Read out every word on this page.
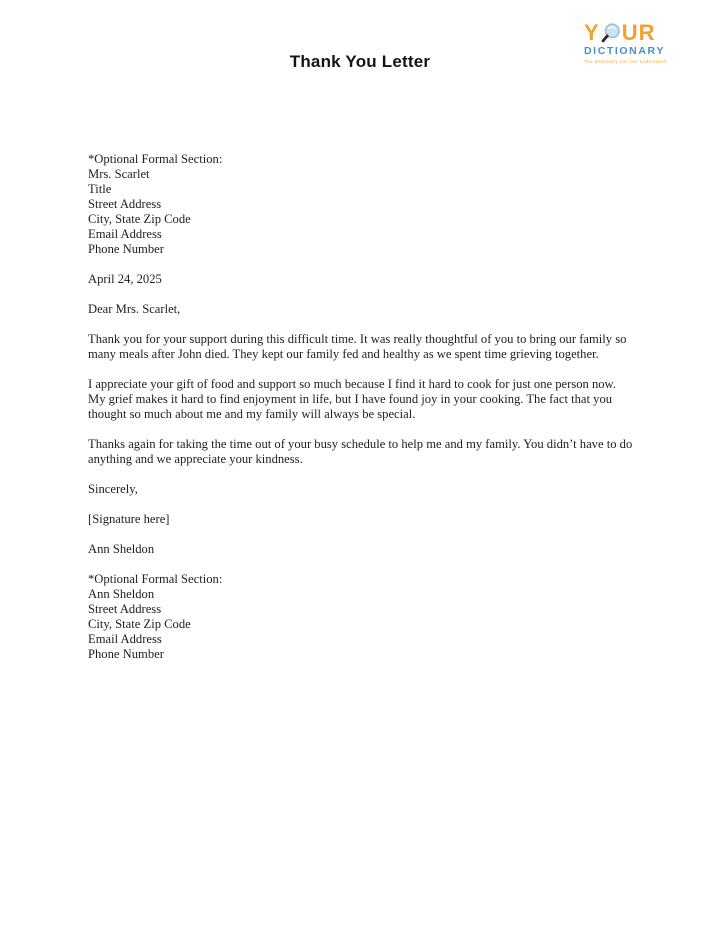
Thank You Letter
Y UR
DICTIONARY
The dictionary you can understand

*Optional Formal Section:
Mrs. Scarlet
Title
Street Address
City, State Zip Code
Email Address
Phone Number

April 24, 2025

Dear Mrs. Scarlet,

Thank you for your support during this difficult time. It was really thoughtful of you to bring our family so many meals after John died. They kept our family fed and healthy as we spent time grieving together.

I appreciate your gift of food and support so much because I find it hard to cook for just one person now. My grief makes it hard to find enjoyment in life, but I have found joy in your cooking. The fact that you thought so much about me and my family will always be special.

Thanks again for taking the time out of your busy schedule to help me and my family. You didn’t have to do anything and we appreciate your kindness.

Sincerely,

[Signature here]

Ann Sheldon

*Optional Formal Section:
Ann Sheldon
Street Address
City, State Zip Code
Email Address
Phone Number
